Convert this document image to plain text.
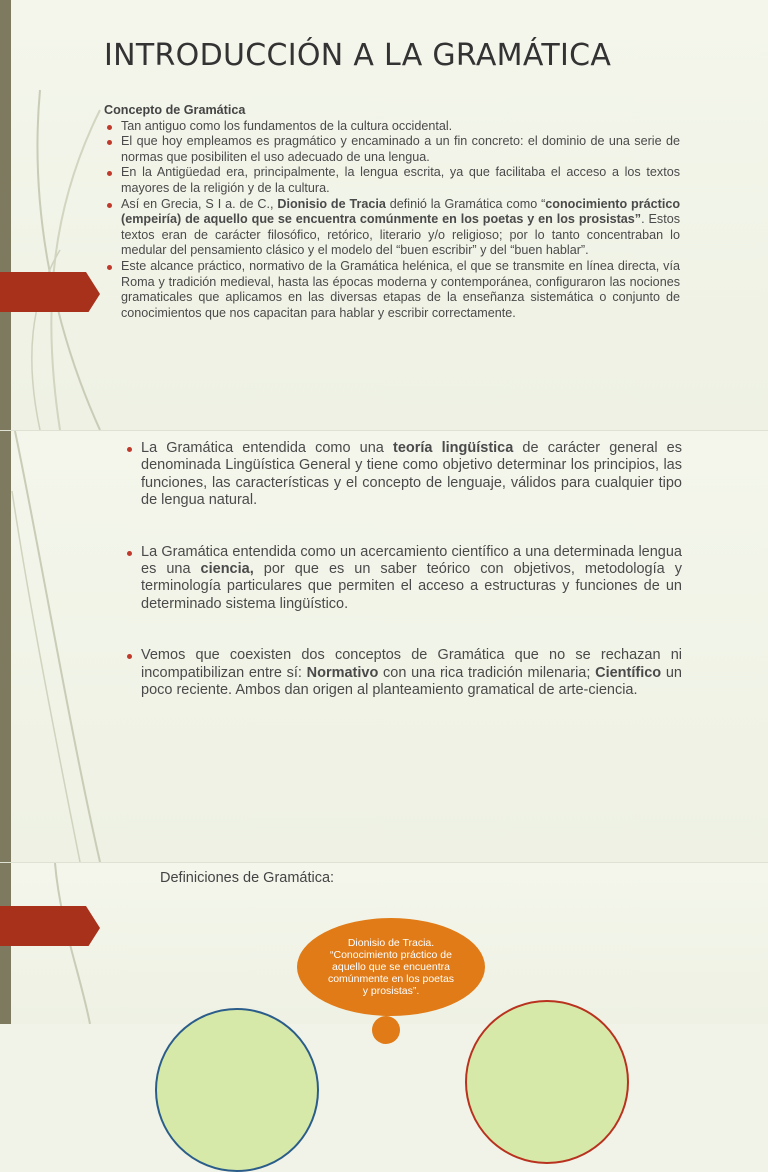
INTRODUCCIÓN A LA GRAMÁTICA
Concepto de Gramática
Tan antiguo como los fundamentos de la cultura occidental.
El que hoy empleamos es pragmático y encaminado a un fin concreto: el dominio de una serie de normas que posibiliten el uso adecuado de una lengua.
En la Antigüedad era, principalmente, la lengua escrita, ya que facilitaba el acceso a los textos mayores de la religión y de la cultura.
Así en Grecia, S I a. de C., Dionisio de Tracia definió la Gramática como “conocimiento práctico (empeiría) de aquello que se encuentra comúnmente en los poetas y en los prosistas”. Estos textos eran de carácter filosófico, retórico, literario y/o religioso; por lo tanto concentraban lo medular del pensamiento clásico y el modelo del “buen escribir” y del “buen hablar”.
Este alcance práctico, normativo de la Gramática helénica, el que se transmite en línea directa, vía Roma y tradición medieval, hasta las épocas moderna y contemporánea, configuraron las nociones gramaticales que aplicamos en las diversas etapas de la enseñanza sistemática o conjunto de conocimientos que nos capacitan para hablar y escribir correctamente.
La Gramática entendida como una teoría lingüística de carácter general es denominada Lingüística General y tiene como objetivo determinar los principios, las funciones, las características y el concepto de lenguaje, válidos para cualquier tipo de lengua natural.
La Gramática entendida como un acercamiento científico a una determinada lengua es una ciencia, por que es un saber teórico con objetivos, metodología y terminología particulares que permiten el acceso a estructuras y funciones de un determinado sistema lingüístico.
Vemos que coexisten dos conceptos de Gramática que no se rechazan ni incompatibilizan entre sí: Normativo con una rica tradición milenaria; Científico un poco reciente. Ambos dan origen al planteamiento gramatical de arte-ciencia.

Definiciones de Gramática:

Dionisio de Tracia. “Conocimiento práctico de aquello que se encuentra comúnmente en los poetas y prosistas”.
